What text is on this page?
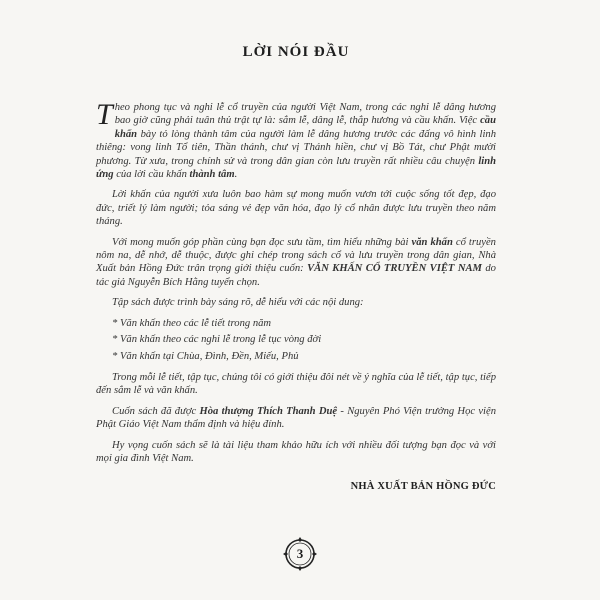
LỜI NÓI ĐẦU

Theo phong tục và nghi lễ cổ truyền của người Việt Nam, trong các nghi lễ dâng hương bao giờ cũng phải tuân thủ trật tự là: sắm lễ, dâng lễ, thắp hương và cầu khấn. Việc cầu khấn bày tỏ lòng thành tâm của người làm lễ dâng hương trước các đấng vô hình linh thiêng: vong linh Tổ tiên, Thần thánh, chư vị Thánh hiền, chư vị Bồ Tát, chư Phật mười phương. Từ xưa, trong chính sử và trong dân gian còn lưu truyền rất nhiều câu chuyện linh ứng của lời cầu khấn thành tâm.

Lời khấn của người xưa luôn bao hàm sự mong muốn vươn tới cuộc sống tốt đẹp, đạo đức, triết lý làm người; tỏa sáng vẻ đẹp văn hóa, đạo lý cổ nhân được lưu truyền theo năm tháng.

Với mong muốn góp phần cùng bạn đọc sưu tầm, tìm hiểu những bài văn khấn cổ truyền nôm na, dễ nhớ, dễ thuộc, được ghi chép trong sách cổ và lưu truyền trong dân gian, Nhà Xuất bản Hồng Đức trân trọng giới thiệu cuốn: VĂN KHẤN CỔ TRUYỀN VIỆT NAM do tác giả Nguyễn Bích Hằng tuyển chọn.

Tập sách được trình bày sáng rõ, dễ hiểu với các nội dung:

* Văn khấn theo các lễ tiết trong năm
* Văn khấn theo các nghi lễ trong lễ tục vòng đời
* Văn khấn tại Chùa, Đình, Đền, Miếu, Phủ

Trong mỗi lễ tiết, tập tục, chúng tôi có giới thiệu đôi nét về ý nghĩa của lễ tiết, tập tục, tiếp đến sắm lễ và văn khấn.

Cuốn sách đã được Hòa thượng Thích Thanh Duệ - Nguyên Phó Viện trưởng Học viện Phật Giáo Việt Nam thẩm định và hiệu đính.

Hy vọng cuốn sách sẽ là tài liệu tham khảo hữu ích với nhiều đối tượng bạn đọc và với mọi gia đình Việt Nam.

NHÀ XUẤT BẢN HỒNG ĐỨC
3
